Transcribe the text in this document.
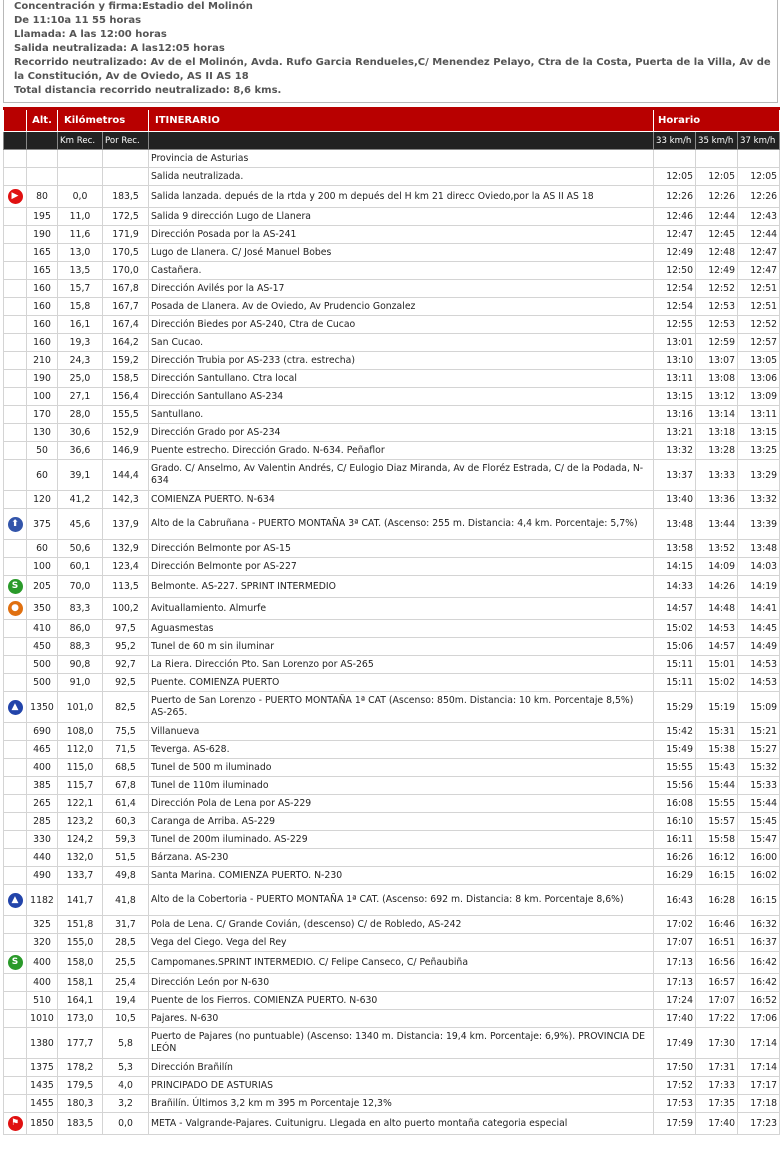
Concentración y firma:Estadio del Molinón
De 11:10a 11 55 horas
Llamada: A las 12:00 horas
Salida neutralizada: A las12:05 horas
Recorrido neutralizado: Av de el Molinón, Avda. Rufo Garcia Rendueles,C/ Menendez Pelayo, Ctra de la Costa, Puerta de la Villa, Av de la Constitución, Av de Oviedo, AS II AS 18
Total distancia recorrido neutralizado: 8,6 kms.
	Alt.	Kilómetros		ITINERARIO	Horario		
		Km Rec.	Por Rec.		33 km/h	35 km/h	37 km/h
				Provincia de Asturias			
				Salida neutralizada.	12:05	12:05	12:05
▶	80	0,0	183,5	Salida lanzada. depués de la rtda y 200 m depués del H km 21 direcc Oviedo,por la AS II AS 18	12:26	12:26	12:26
	195	11,0	172,5	Salida 9 dirección Lugo de Llanera	12:46	12:44	12:43
	190	11,6	171,9	Dirección Posada por la AS-241	12:47	12:45	12:44
	165	13,0	170,5	Lugo de Llanera. C/ José Manuel Bobes	12:49	12:48	12:47
	165	13,5	170,0	Castañera.	12:50	12:49	12:47
	160	15,7	167,8	Dirección Avilés por la AS-17	12:54	12:52	12:51
	160	15,8	167,7	Posada de Llanera. Av de Oviedo, Av Prudencio Gonzalez	12:54	12:53	12:51
	160	16,1	167,4	Dirección Biedes por AS-240, Ctra de Cucao	12:55	12:53	12:52
	160	19,3	164,2	San Cucao.	13:01	12:59	12:57
	210	24,3	159,2	Dirección Trubia por AS-233 (ctra. estrecha)	13:10	13:07	13:05
	190	25,0	158,5	Dirección Santullano. Ctra local	13:11	13:08	13:06
	100	27,1	156,4	Dirección Santullano AS-234	13:15	13:12	13:09
	170	28,0	155,5	Santullano.	13:16	13:14	13:11
	130	30,6	152,9	Dirección Grado por AS-234	13:21	13:18	13:15
	50	36,6	146,9	Puente estrecho. Dirección Grado. N-634. Peñaflor	13:32	13:28	13:25
	60	39,1	144,4	Grado. C/ Anselmo, Av Valentin Andrés, C/ Eulogio Diaz Miranda, Av de Floréz Estrada, C/ de la Podada, N-634	13:37	13:33	13:29
	120	41,2	142,3	COMIENZA PUERTO. N-634	13:40	13:36	13:32
⬆	375	45,6	137,9	Alto de la Cabruñana - PUERTO MONTAÑA 3ª CAT. (Ascenso: 255 m. Distancia: 4,4 km. Porcentaje: 5,7%)	13:48	13:44	13:39
	60	50,6	132,9	Dirección Belmonte por AS-15	13:58	13:52	13:48
	100	60,1	123,4	Dirección Belmonte por AS-227	14:15	14:09	14:03
S	205	70,0	113,5	Belmonte. AS-227. SPRINT INTERMEDIO	14:33	14:26	14:19
●	350	83,3	100,2	Avituallamiento. Almurfe	14:57	14:48	14:41
	410	86,0	97,5	Aguasmestas	15:02	14:53	14:45
	450	88,3	95,2	Tunel de 60 m sin iluminar	15:06	14:57	14:49
	500	90,8	92,7	La Riera. Dirección Pto. San Lorenzo por AS-265	15:11	15:01	14:53
	500	91,0	92,5	Puente. COMIENZA PUERTO	15:11	15:02	14:53
▲	1350	101,0	82,5	Puerto de San Lorenzo - PUERTO MONTAÑA 1ª CAT (Ascenso: 850m. Distancia: 10 km. Porcentaje 8,5%) AS-265.	15:29	15:19	15:09
	690	108,0	75,5	Villanueva	15:42	15:31	15:21
	465	112,0	71,5	Teverga. AS-628.	15:49	15:38	15:27
	400	115,0	68,5	Tunel de 500 m iluminado	15:55	15:43	15:32
	385	115,7	67,8	Tunel de 110m iluminado	15:56	15:44	15:33
	265	122,1	61,4	Dirección Pola de Lena por AS-229	16:08	15:55	15:44
	285	123,2	60,3	Caranga de Arriba. AS-229	16:10	15:57	15:45
	330	124,2	59,3	Tunel de 200m iluminado. AS-229	16:11	15:58	15:47
	440	132,0	51,5	Bárzana. AS-230	16:26	16:12	16:00
	490	133,7	49,8	Santa Marina. COMIENZA PUERTO. N-230	16:29	16:15	16:02
▲	1182	141,7	41,8	Alto de la Cobertoria - PUERTO MONTAÑA 1ª CAT. (Ascenso: 692 m. Distancia: 8 km. Porcentaje 8,6%)	16:43	16:28	16:15
	325	151,8	31,7	Pola de Lena. C/ Grande Covián, (descenso) C/ de Robledo, AS-242	17:02	16:46	16:32
	320	155,0	28,5	Vega del Ciego. Vega del Rey	17:07	16:51	16:37
S	400	158,0	25,5	Campomanes.SPRINT INTERMEDIO. C/ Felipe Canseco, C/ Peñaubiña	17:13	16:56	16:42
	400	158,1	25,4	Dirección León por N-630	17:13	16:57	16:42
	510	164,1	19,4	Puente de los Fierros. COMIENZA PUERTO. N-630	17:24	17:07	16:52
	1010	173,0	10,5	Pajares. N-630	17:40	17:22	17:06
	1380	177,7	5,8	Puerto de Pajares (no puntuable) (Ascenso: 1340 m. Distancia: 19,4 km. Porcentaje: 6,9%). PROVINCIA DE LEÓN	17:49	17:30	17:14
	1375	178,2	5,3	Dirección Brañilín	17:50	17:31	17:14
	1435	179,5	4,0	PRINCIPADO DE ASTURIAS	17:52	17:33	17:17
	1455	180,3	3,2	Brañilín. Últimos 3,2 km m 395 m Porcentaje 12,3%	17:53	17:35	17:18
⚑	1850	183,5	0,0	META - Valgrande-Pajares. Cuitunigru. Llegada en alto puerto montaña categoria especial	17:59	17:40	17:23
